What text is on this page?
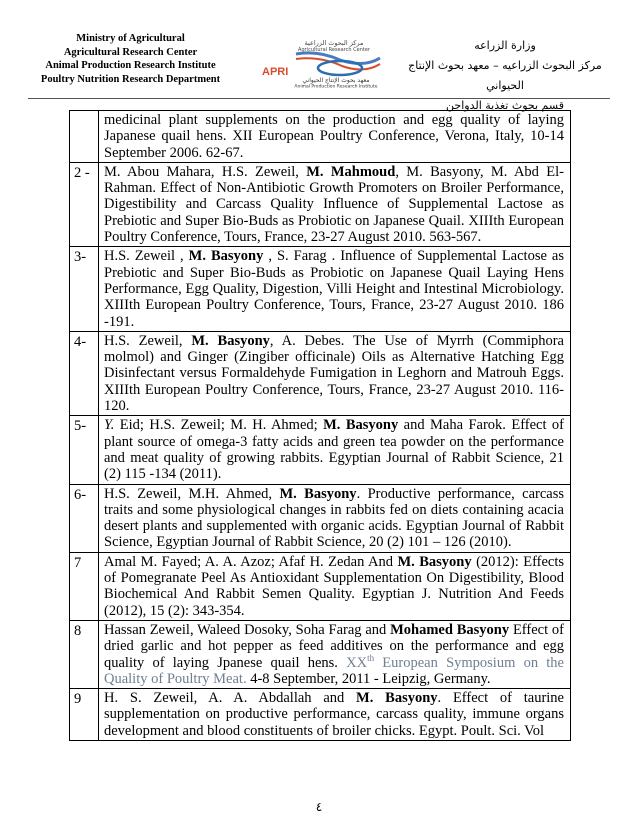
Ministry of Agricultural
Agricultural Research Center
Animal Production Research Institute
Poultry Nutrition Research Department
مركز البحوث الزراعية
Agricultural Research Center
APRI
معهد بحوث الإنتاج الحيواني
Animal Production Research Institute
وزارة الزراعه
مركز البحوث الزراعيه – معهد بحوث الإنتاج الحيواني
قسم بحوث تغذية الدواجن
medicinal plant supplements on the production and egg quality of laying Japanese quail hens. XII European Poultry Conference, Verona, Italy, 10-14 September 2006. 62-67.
2 - M. Abou Mahara, H.S. Zeweil, M. Mahmoud, M. Basyony, M. Abd El-Rahman. Effect of Non-Antibiotic Growth Promoters on Broiler Performance, Digestibility and Carcass Quality Influence of Supplemental Lactose as Prebiotic and Super Bio-Buds as Probiotic on Japanese Quail. XIIIth European Poultry Conference, Tours, France, 23-27 August 2010. 563-567.
3-	H.S. Zeweil , M. Basyony , S. Farag . Influence of Supplemental Lactose as Prebiotic and Super Bio-Buds as Probiotic on Japanese Quail Laying Hens Performance, Egg Quality, Digestion, Villi Height and Intestinal Microbiology. XIIIth European Poultry Conference, Tours, France, 23-27 August 2010. 186 -191.
4-	H.S. Zeweil, M. Basyony, A. Debes. The Use of Myrrh (Commiphora molmol) and Ginger (Zingiber officinale) Oils as Alternative Hatching Egg Disinfectant versus Formaldehyde Fumigation in Leghorn and Matrouh Eggs. XIIIth European Poultry Conference, Tours, France, 23-27 August 2010. 116-120.
5-	Y. Eid; H.S. Zeweil; M. H. Ahmed; M. Basyony and Maha Farok. Effect of plant source of omega-3 fatty acids and green tea powder on the performance and meat quality of growing rabbits. Egyptian Journal of Rabbit Science, 21 (2) 115 -134 (2011).
6-	H.S. Zeweil, M.H. Ahmed, M. Basyony. Productive performance, carcass traits and some physiological changes in rabbits fed on diets containing acacia desert plants and supplemented with organic acids. Egyptian Journal of Rabbit Science, Egyptian Journal of Rabbit Science, 20 (2) 101 – 126 (2010).
7	Amal M. Fayed; A. A. Azoz; Afaf H. Zedan And M. Basyony (2012): Effects of Pomegranate Peel As Antioxidant Supplementation On Digestibility, Blood Biochemical And Rabbit Semen Quality. Egyptian J. Nutrition And Feeds (2012), 15 (2): 343-354.
8	Hassan Zeweil, Waleed Dosoky, Soha Farag and Mohamed Basyony Effect of dried garlic and hot pepper as feed additives on the performance and egg quality of laying Jpanese quail hens. XXth European Symposium on the Quality of Poultry Meat. 4-8 September, 2011 - Leipzig, Germany.
9	H. S. Zeweil, A. A. Abdallah and M. Basyony. Effect of taurine supplementation on productive performance, carcass quality, immune organs development and blood constituents of broiler chicks. Egypt. Poult. Sci. Vol
٤
